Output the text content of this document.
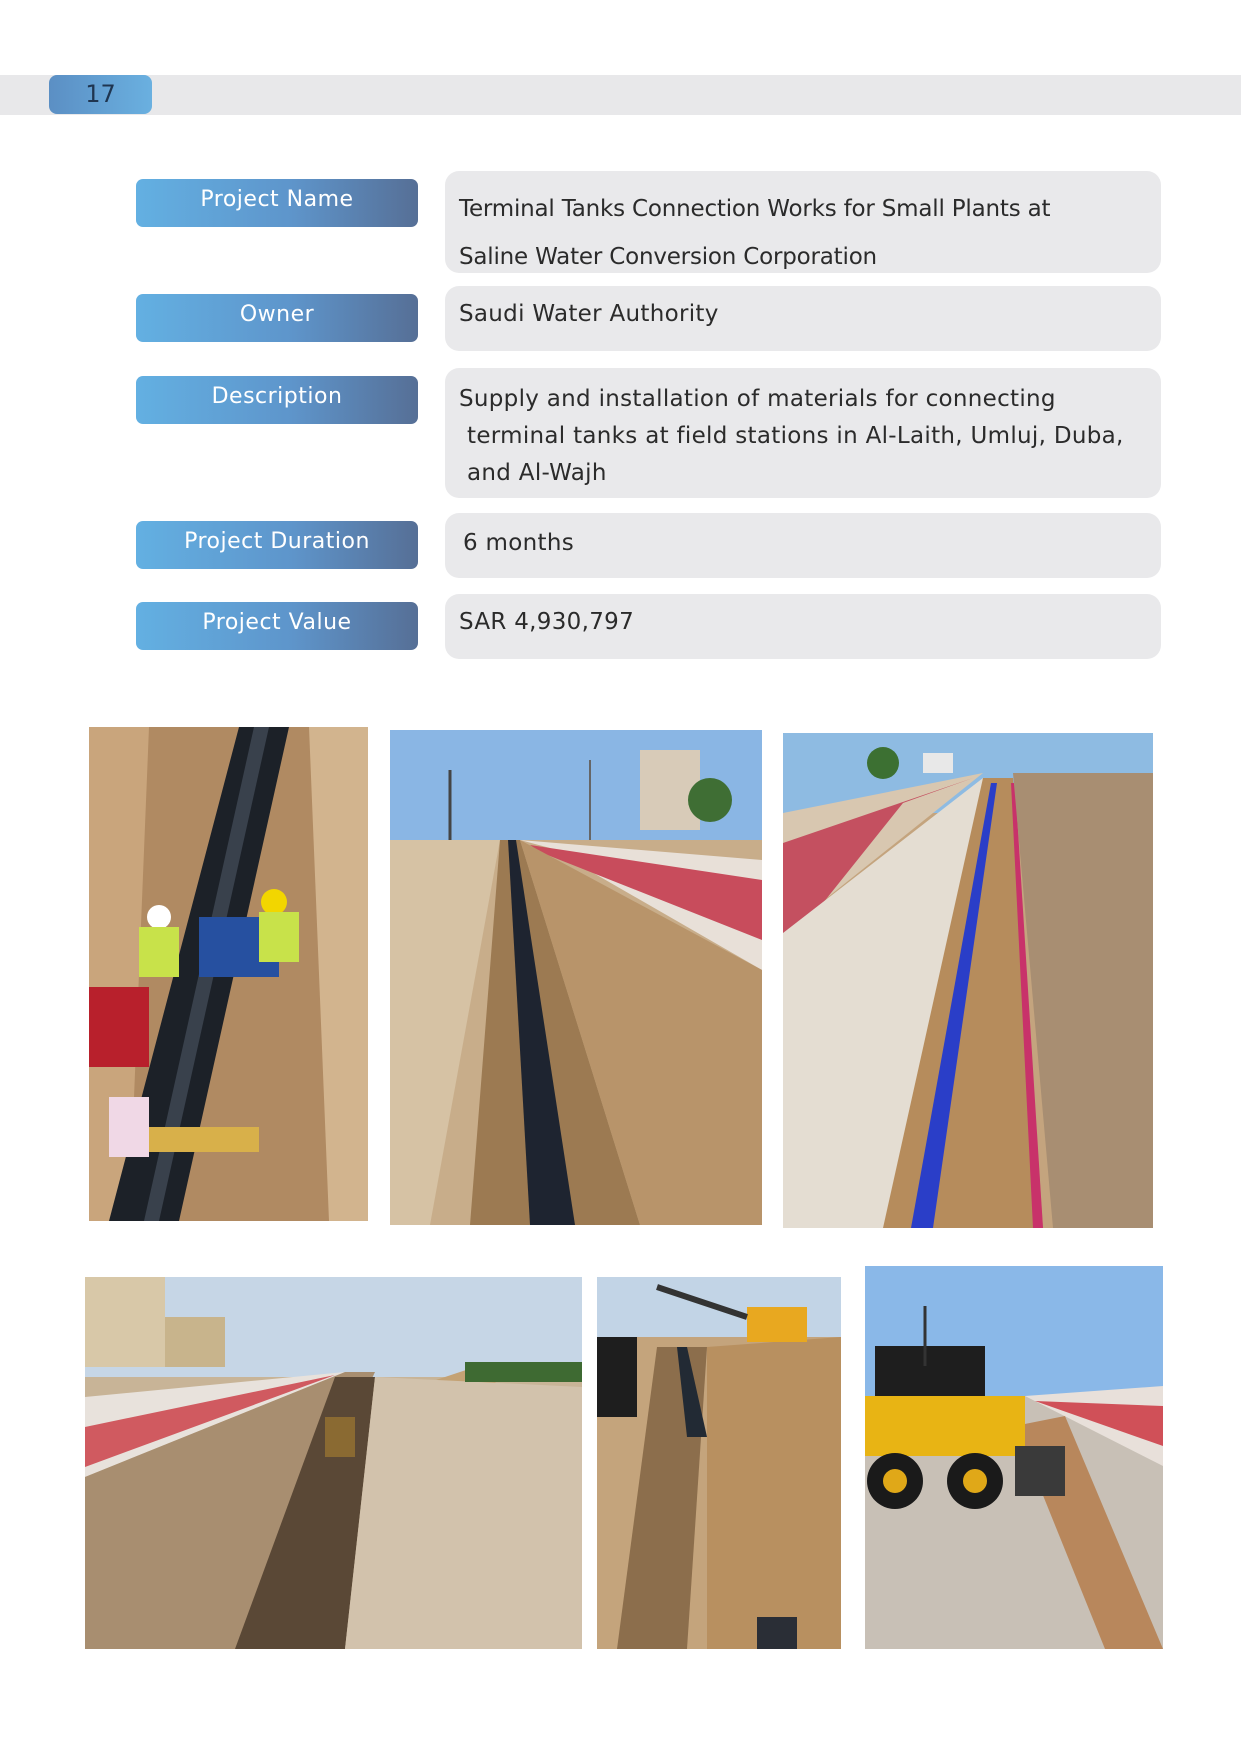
17
Project Name
Owner
Description
Project Duration
Project Value
Terminal Tanks Connection Works for Small Plants at
Saline Water Conversion Corporation
Saudi Water Authority
Supply and installation of materials for connecting
terminal tanks at field stations in Al-Laith, Umluj, Duba,
and Al-Wajh
6 months
SAR 4,930,797
